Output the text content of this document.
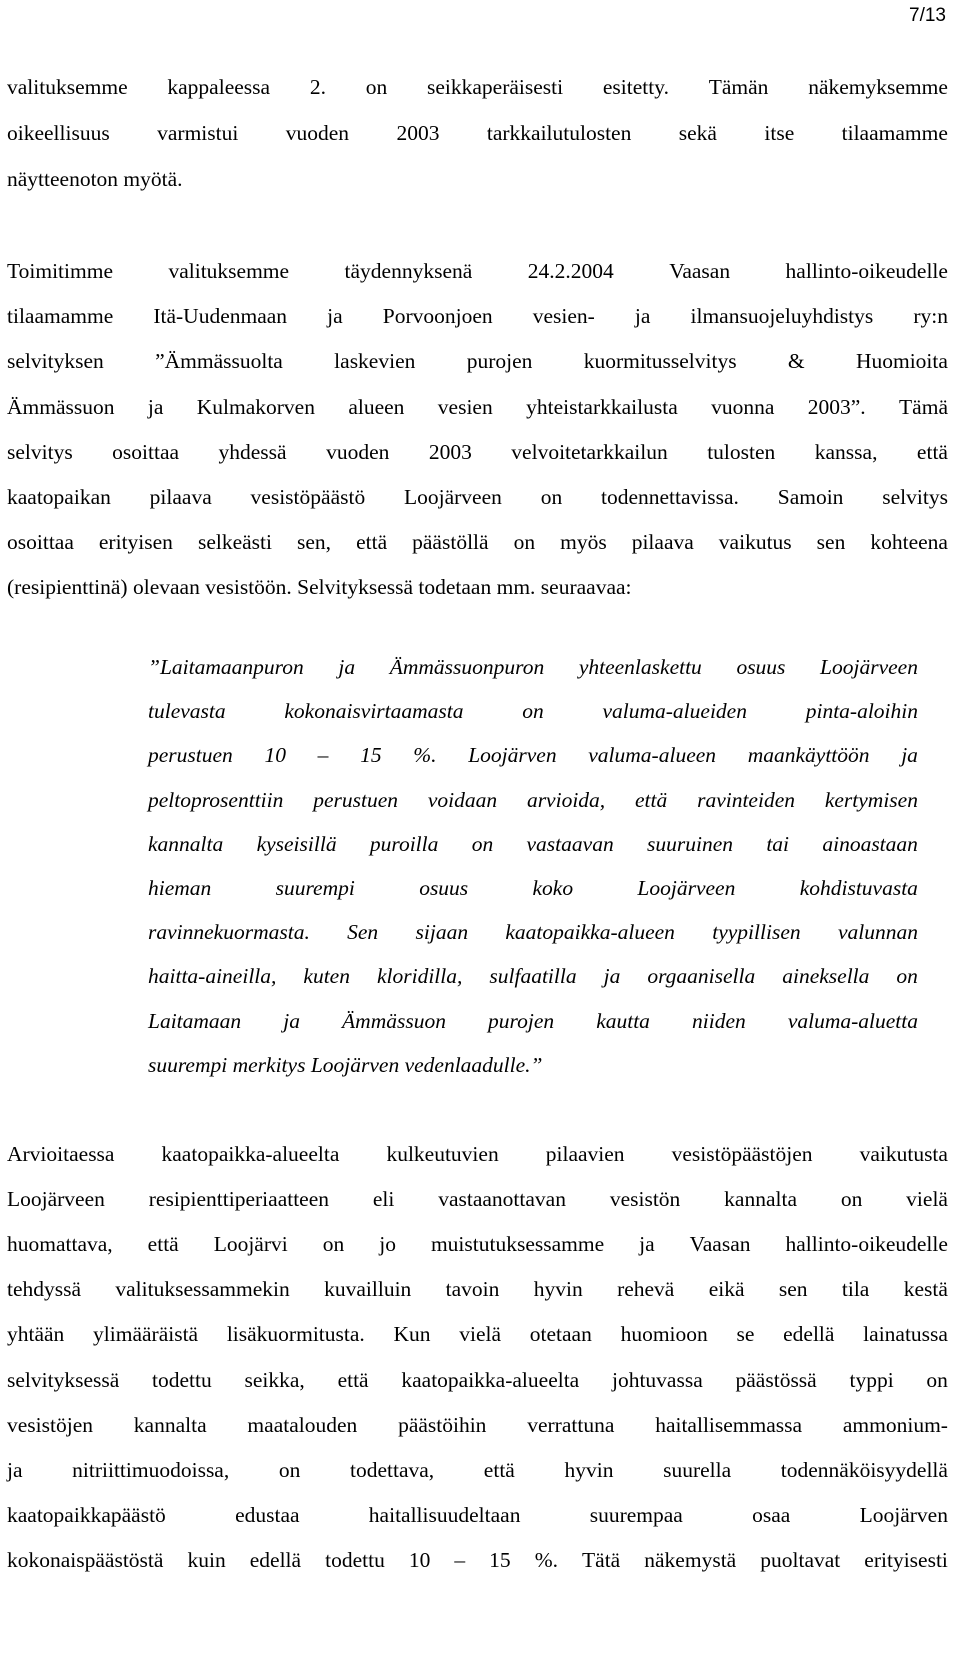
7/13
valituksemme kappaleessa 2. on seikkaperäisesti esitetty. Tämän näkemyksemme
oikeellisuus varmistui vuoden 2003 tarkkailutulosten sekä itse tilaamamme
näytteenoton myötä.
Toimitimme	valituksemme	täydennyksenä	24.2.2004	Vaasan	hallinto-oikeudelle
tilaamamme Itä-Uudenmaan ja Porvoonjoen vesien- ja ilmansuojeluyhdistys ry:n
selvityksen ”Ämmässuolta laskevien purojen kuormitusselvitys & Huomioita
Ämmässuon ja Kulmakorven alueen vesien yhteistarkkailusta vuonna 2003”. Tämä
selvitys osoittaa yhdessä vuoden 2003 velvoitetarkkailun tulosten kanssa, että
kaatopaikan pilaava vesistöpäästö Loojärveen on todennettavissa. Samoin selvitys
osoittaa erityisen selkeästi sen, että päästöllä on myös pilaava vaikutus sen kohteena
(resipienttinä) olevaan vesistöön. Selvityksessä todetaan mm. seuraavaa:
”Laitamaanpuron ja Ämmässuonpuron yhteenlaskettu osuus Loojärveen
tulevasta	kokonaisvirtaamasta	on	valuma-alueiden	pinta-aloihin
perustuen 10 – 15 %. Loojärven valuma-alueen maankäyttöön ja
peltoprosenttiin perustuen voidaan arvioida, että ravinteiden kertymisen
kannalta kyseisillä puroilla on vastaavan suuruinen tai ainoastaan
hieman	suurempi	osuus	koko	Loojärveen	kohdistuvasta
ravinnekuormasta. Sen sijaan kaatopaikka-alueen tyypillisen valunnan
haitta-aineilla, kuten kloridilla, sulfaatilla ja orgaanisella aineksella on
Laitamaan ja Ämmässuon purojen kautta niiden valuma-aluetta
suurempi merkitys Loojärven vedenlaadulle.”
Arvioitaessa kaatopaikka-alueelta kulkeutuvien pilaavien vesistöpäästöjen vaikutusta
Loojärveen resipienttiperiaatteen eli vastaanottavan vesistön kannalta on vielä
huomattava, että Loojärvi on jo muistutuksessamme ja Vaasan hallinto-oikeudelle
tehdyssä valituksessammekin kuvailluin tavoin hyvin rehevä eikä sen tila kestä
yhtään ylimääräistä lisäkuormitusta. Kun vielä otetaan huomioon se edellä lainatussa
selvityksessä todettu seikka, että kaatopaikka-alueelta johtuvassa päästössä typpi on
vesistöjen kannalta maatalouden päästöihin verrattuna haitallisemmassa ammonium-
ja nitriittimuodoissa, on todettava, että hyvin suurella todennäköisyydellä
kaatopaikkapäästö	edustaa	haitallisuudeltaan	suurempaa	osaa	Loojärven
kokonaispäästöstä kuin edellä todettu 10 – 15 %. Tätä näkemystä puoltavat erityisesti
